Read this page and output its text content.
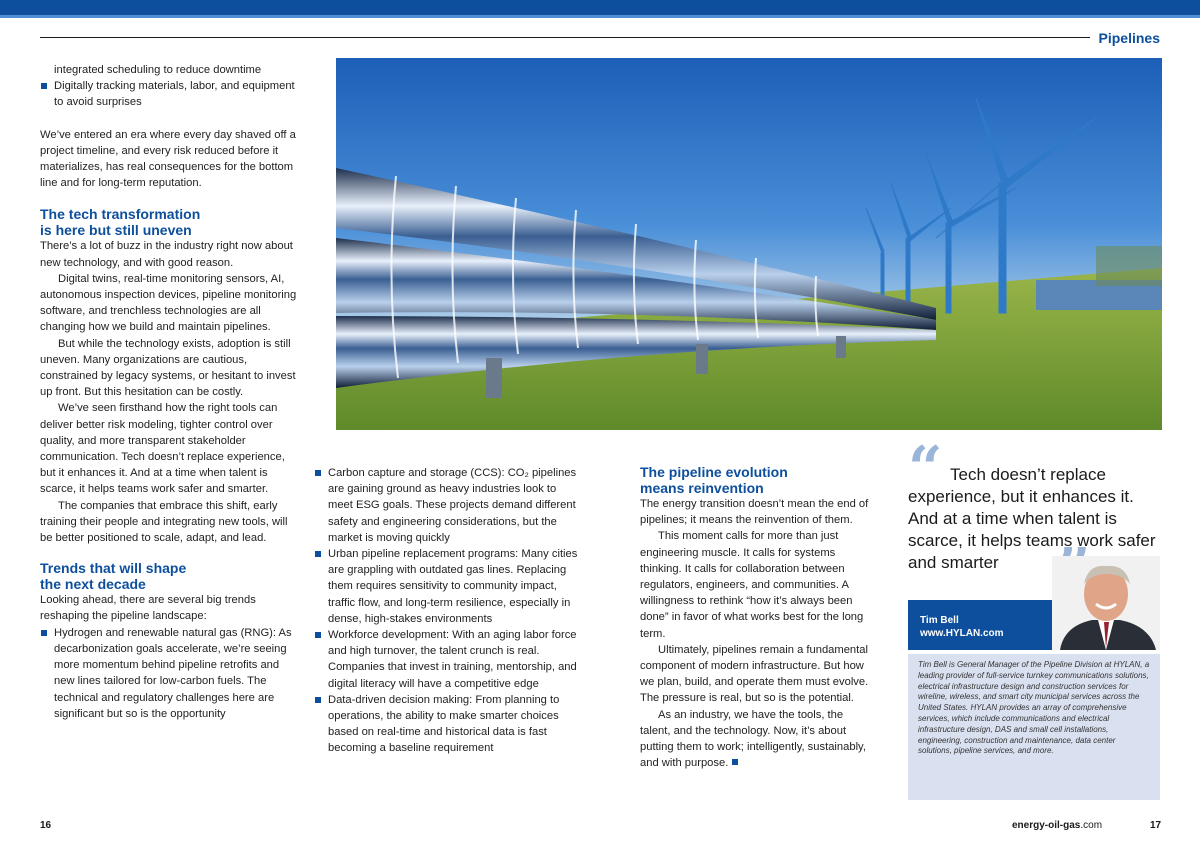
Pipelines
integrated scheduling to reduce downtime
Digitally tracking materials, labor, and equipment to avoid surprises

We’ve entered an era where every day shaved off a project timeline, and every risk reduced before it materializes, has real consequences for the bottom line and for long-term reputation.

The tech transformation
is here but still uneven

There’s a lot of buzz in the industry right now about new technology, and with good reason.

Digital twins, real-time monitoring sensors, AI, autonomous inspection devices, pipeline monitoring software, and trenchless technologies are all changing how we build and maintain pipelines.

But while the technology exists, adoption is still uneven. Many organizations are cautious, constrained by legacy systems, or hesitant to invest up front. But this hesitation can be costly.

We’ve seen firsthand how the right tools can deliver better risk modeling, tighter control over quality, and more transparent stakeholder communication. Tech doesn’t replace experience, but it enhances it. And at a time when talent is scarce, it helps teams work safer and smarter.

The companies that embrace this shift, early training their people and integrating new tools, will be better positioned to scale, adapt, and lead.

Trends that will shape
the next decade

Looking ahead, there are several big trends reshaping the pipeline landscape:

Hydrogen and renewable natural gas (RNG): As decarbonization goals accelerate, we’re seeing more momentum behind pipeline retrofits and new lines tailored for low-carbon fuels. The technical and regulatory challenges here are significant but so is the opportunity
Carbon capture and storage (CCS): CO₂ pipelines are gaining ground as heavy industries look to meet ESG goals. These projects demand different safety and engineering considerations, but the market is moving quickly
Urban pipeline replacement programs: Many cities are grappling with outdated gas lines. Replacing them requires sensitivity to community impact, traffic flow, and long-term resilience, especially in dense, high-stakes environments
Workforce development: With an aging labor force and high turnover, the talent crunch is real. Companies that invest in training, mentorship, and digital literacy will have a competitive edge
Data-driven decision making: From planning to operations, the ability to make smarter choices based on real-time and historical data is fast becoming a baseline requirement
The pipeline evolution
means reinvention

The energy transition doesn’t mean the end of pipelines; it means the reinvention of them.

This moment calls for more than just engineering muscle. It calls for systems thinking. It calls for collaboration between regulators, engineers, and communities. A willingness to rethink “how it’s always been done” in favor of what works best for the long term.

Ultimately, pipelines remain a fundamental component of modern infrastructure. But how we plan, build, and operate them must evolve. The pressure is real, but so is the potential.

As an industry, we have the tools, the talent, and the technology. Now, it’s about putting them to work; intelligently, sustainably, and with purpose.

“ Tech doesn’t replace experience, but it enhances it. And at a time when talent is scarce, it helps teams work safer and smarter

Tim Bell
www.HYLAN.com
Tim Bell is General Manager of the Pipeline Division at HYLAN, a leading provider of full-service turnkey communications solutions, electrical infrastructure design and construction services for wireline, wireless, and smart city municipal services across the United States. HYLAN provides an array of comprehensive services, which include communications and electrical infrastructure design, DAS and small cell installations, engineering, construction and maintenance, data center solutions, pipeline services, and more.
16	energy-oil-gas.com	17
